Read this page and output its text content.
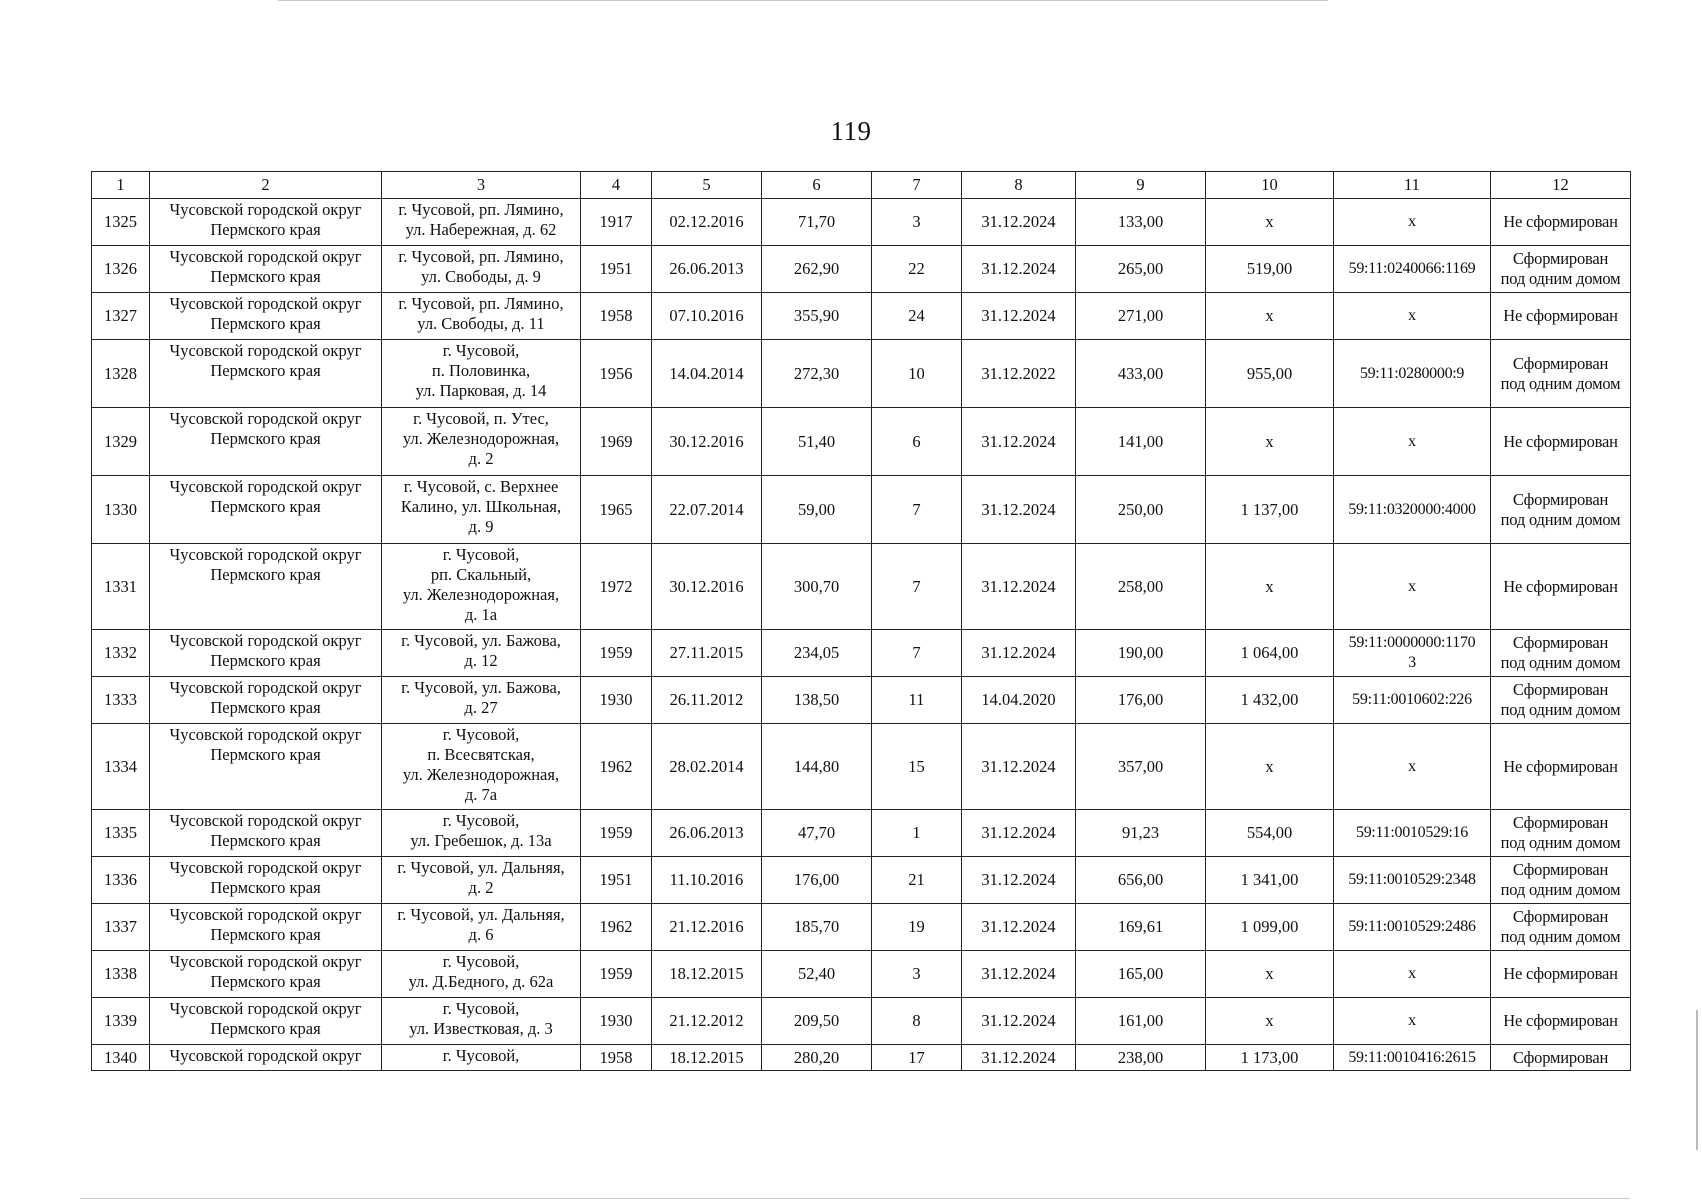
119
1	2	3	4	5	6	7	8	9	10	11	12
1325	Чусовской городской округ
Пермского края	г. Чусовой, рп. Лямино,
ул. Набережная, д. 62	1917	02.12.2016	71,70	3	31.12.2024	133,00	x	x	Не сформирован

1326	Чусовской городской округ
Пермского края	г. Чусовой, рп. Лямино,
ул. Свободы, д. 9	1951	26.06.2013	262,90	22	31.12.2024	265,00	519,00	59:11:0240066:1169	Сформирован
под одним домом

1327	Чусовской городской округ
Пермского края	г. Чусовой, рп. Лямино,
ул. Свободы, д. 11	1958	07.10.2016	355,90	24	31.12.2024	271,00	x	x	Не сформирован

1328	Чусовской городской округ
Пермского края	г. Чусовой,
п. Половинка,
ул. Парковая, д. 14	1956	14.04.2014	272,30	10	31.12.2022	433,00	955,00	59:11:0280000:9	Сформирован
под одним домом

1329	Чусовской городской округ
Пермского края	г. Чусовой, п. Утес,
ул. Железнодорожная,
д. 2	1969	30.12.2016	51,40	6	31.12.2024	141,00	x	x	Не сформирован

1330	Чусовской городской округ
Пермского края	г. Чусовой, с. Верхнее
Калино, ул. Школьная,
д. 9	1965	22.07.2014	59,00	7	31.12.2024	250,00	1 137,00	59:11:0320000:4000	Сформирован
под одним домом

1331	Чусовской городской округ
Пермского края	г. Чусовой,
рп. Скальный,
ул. Железнодорожная,
д. 1а	1972	30.12.2016	300,70	7	31.12.2024	258,00	x	x	Не сформирован

1332	Чусовской городской округ
Пермского края	г. Чусовой, ул. Бажова,
д. 12	1959	27.11.2015	234,05	7	31.12.2024	190,00	1 064,00	59:11:0000000:1170
3	Сформирован
под одним домом

1333	Чусовской городской округ
Пермского края	г. Чусовой, ул. Бажова,
д. 27	1930	26.11.2012	138,50	11	14.04.2020	176,00	1 432,00	59:11:0010602:226	Сформирован
под одним домом

1334	Чусовской городской округ
Пермского края	г. Чусовой,
п. Всесвятская,
ул. Железнодорожная,
д. 7а	1962	28.02.2014	144,80	15	31.12.2024	357,00	x	x	Не сформирован

1335	Чусовской городской округ
Пермского края	г. Чусовой,
ул. Гребешок, д. 13а	1959	26.06.2013	47,70	1	31.12.2024	91,23	554,00	59:11:0010529:16	Сформирован
под одним домом

1336	Чусовской городской округ
Пермского края	г. Чусовой, ул. Дальняя,
д. 2	1951	11.10.2016	176,00	21	31.12.2024	656,00	1 341,00	59:11:0010529:2348	Сформирован
под одним домом

1337	Чусовской городской округ
Пермского края	г. Чусовой, ул. Дальняя,
д. 6	1962	21.12.2016	185,70	19	31.12.2024	169,61	1 099,00	59:11:0010529:2486	Сформирован
под одним домом

1338	Чусовской городской округ
Пермского края	г. Чусовой,
ул. Д.Бедного, д. 62а	1959	18.12.2015	52,40	3	31.12.2024	165,00	x	x	Не сформирован

1339	Чусовской городской округ
Пермского края	г. Чусовой,
ул. Известковая, д. 3	1930	21.12.2012	209,50	8	31.12.2024	161,00	x	x	Не сформирован

1340	Чусовской городской округ	г. Чусовой,	1958	18.12.2015	280,20	17	31.12.2024	238,00	1 173,00	59:11:0010416:2615	Сформирован
